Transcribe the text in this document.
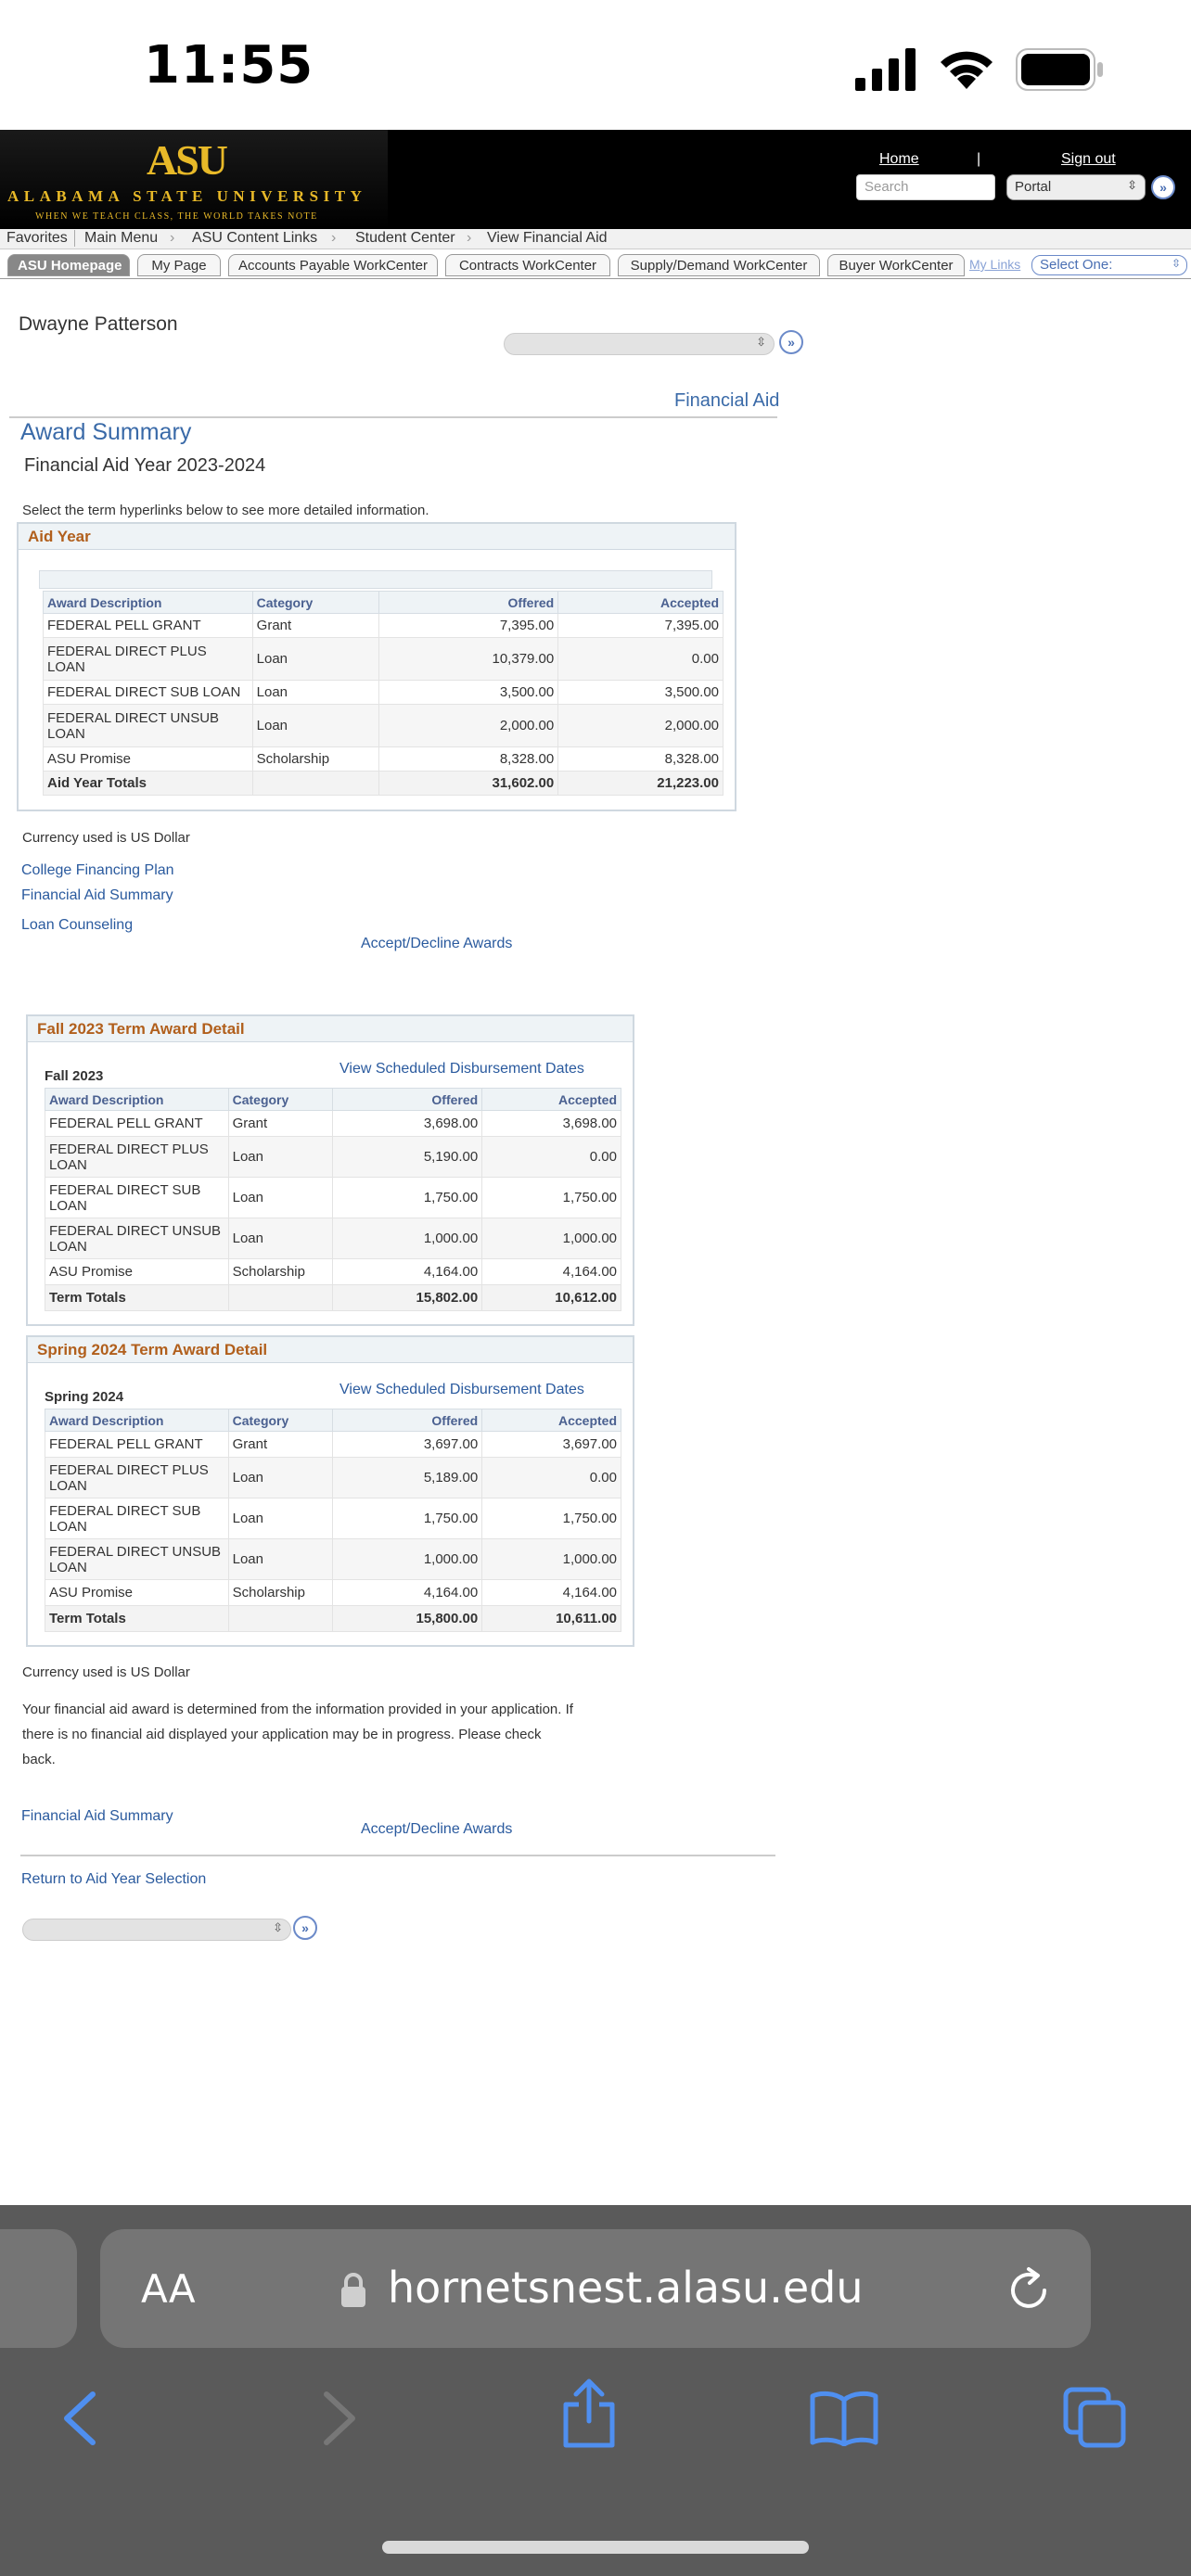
11:55
ASU
ALABAMA STATE UNIVERSITY
WHEN WE TEACH CLASS, THE WORLD TAKES NOTE
Home	|	Sign out
Search	Portal	⇳	»
Favorites	Main Menu › ASU Content Links › Student Center › View Financial Aid
ASU Homepage	My Page	Accounts Payable WorkCenter	Contracts WorkCenter	Supply/Demand WorkCenter	Buyer WorkCenter	My Links	Select One:	⇳
Dwayne Patterson
⇳	»
Financial Aid
Award Summary
Financial Aid Year 2023-2024
Select the term hyperlinks below to see more detailed information.
Aid Year
Award Description	Category	Offered	Accepted
FEDERAL PELL GRANT	Grant	7,395.00	7,395.00
FEDERAL DIRECT PLUS LOAN	Loan	10,379.00	0.00
FEDERAL DIRECT SUB LOAN	Loan	3,500.00	3,500.00
FEDERAL DIRECT UNSUB LOAN	Loan	2,000.00	2,000.00
ASU Promise	Scholarship	8,328.00	8,328.00
Aid Year Totals		31,602.00	21,223.00
Currency used is US Dollar
College Financing Plan
Financial Aid Summary
Loan Counseling
Accept/Decline Awards
Fall 2023 Term Award Detail
View Scheduled Disbursement Dates
Fall 2023
Award Description	Category	Offered	Accepted
FEDERAL PELL GRANT	Grant	3,698.00	3,698.00
FEDERAL DIRECT PLUS LOAN	Loan	5,190.00	0.00
FEDERAL DIRECT SUB LOAN	Loan	1,750.00	1,750.00
FEDERAL DIRECT UNSUB LOAN	Loan	1,000.00	1,000.00
ASU Promise	Scholarship	4,164.00	4,164.00
Term Totals		15,802.00	10,612.00
Spring 2024 Term Award Detail
View Scheduled Disbursement Dates
Spring 2024
Award Description	Category	Offered	Accepted
FEDERAL PELL GRANT	Grant	3,697.00	3,697.00
FEDERAL DIRECT PLUS LOAN	Loan	5,189.00	0.00
FEDERAL DIRECT SUB LOAN	Loan	1,750.00	1,750.00
FEDERAL DIRECT UNSUB LOAN	Loan	1,000.00	1,000.00
ASU Promise	Scholarship	4,164.00	4,164.00
Term Totals		15,800.00	10,611.00
Currency used is US Dollar
Your financial aid award is determined from the information provided in your application. If
there is no financial aid displayed your application may be in progress. Please check
back.
Financial Aid Summary
Accept/Decline Awards
Return to Aid Year Selection
⇳	»
AA	hornetsnest.alasu.edu
